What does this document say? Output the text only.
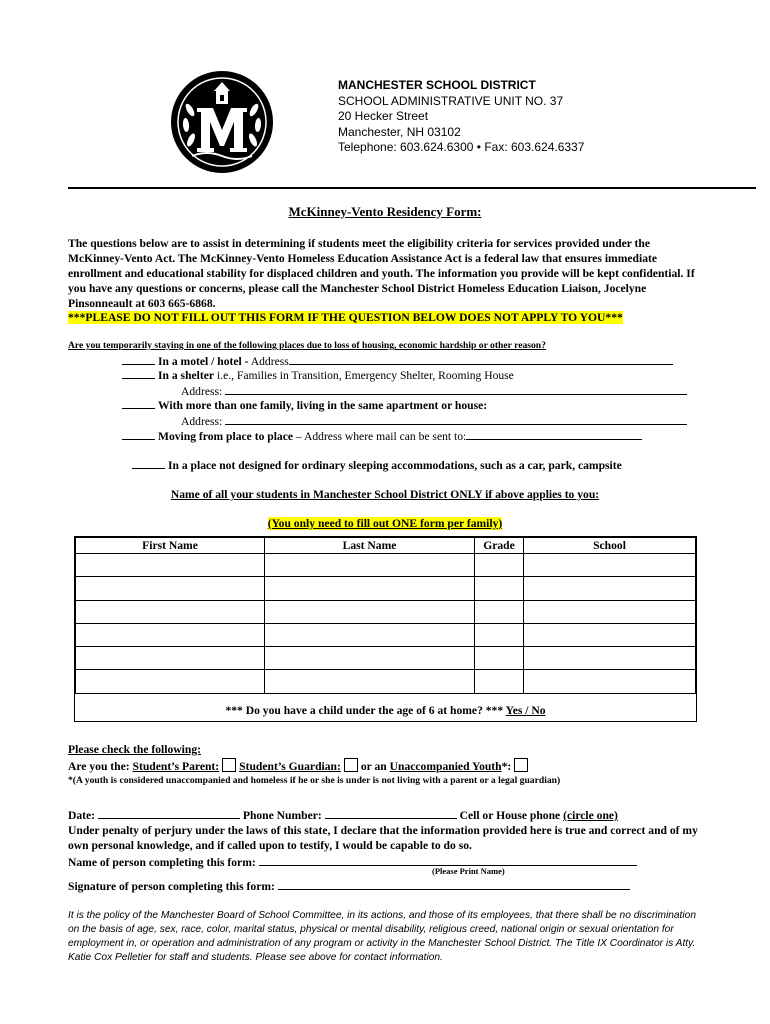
MANCHESTER SCHOOL DISTRICT
SCHOOL ADMINISTRATIVE UNIT NO. 37
20 Hecker Street
Manchester, NH 03102
Telephone: 603.624.6300 • Fax: 603.624.6337
McKinney-Vento Residency Form:
The questions below are to assist in determining if students meet the eligibility criteria for services provided under the McKinney-Vento Act. The McKinney-Vento Homeless Education Assistance Act is a federal law that ensures immediate enrollment and educational stability for displaced children and youth. The information you provide will be kept confidential. If you have any questions or concerns, please call the Manchester School District Homeless Education Liaison, Jocelyne Pinsonneault at 603 665-6868.
***PLEASE DO NOT FILL OUT THIS FORM IF THE QUESTION BELOW DOES NOT APPLY TO YOU***
Are you temporarily staying in one of the following places due to loss of housing, economic hardship or other reason?
In a motel / hotel - Address
In a shelter i.e., Families in Transition, Emergency Shelter, Rooming House
Address:
With more than one family, living in the same apartment or house:
Address:
Moving from place to place – Address where mail can be sent to:
In a place not designed for ordinary sleeping accommodations, such as a car, park, campsite
Name of all your students in Manchester School District ONLY if above applies to you:
(You only need to fill out ONE form per family)
First Name	Last Name	Grade	School

*** Do you have a child under the age of 6 at home? *** Yes / No
Please check the following:
Are you the: Student’s Parent: Student’s Guardian: or an Unaccompanied Youth*:
*(A youth is considered unaccompanied and homeless if he or she is under is not living with a parent or a legal guardian)
Date:	Phone Number:	Cell or House phone (circle one)
Under penalty of perjury under the laws of this state, I declare that the information provided here is true and correct and of my own personal knowledge, and if called upon to testify, I would be capable to do so.
Name of person completing this form:
(Please Print Name)
Signature of person completing this form:
It is the policy of the Manchester Board of School Committee, in its actions, and those of its employees, that there shall be no discrimination on the basis of age, sex, race, color, marital status, physical or mental disability, religious creed, national origin or sexual orientation for employment in, or operation and administration of any program or activity in the Manchester School District. The Title IX Coordinator is Atty. Katie Cox Pelletier for staff and students. Please see above for contact information.
